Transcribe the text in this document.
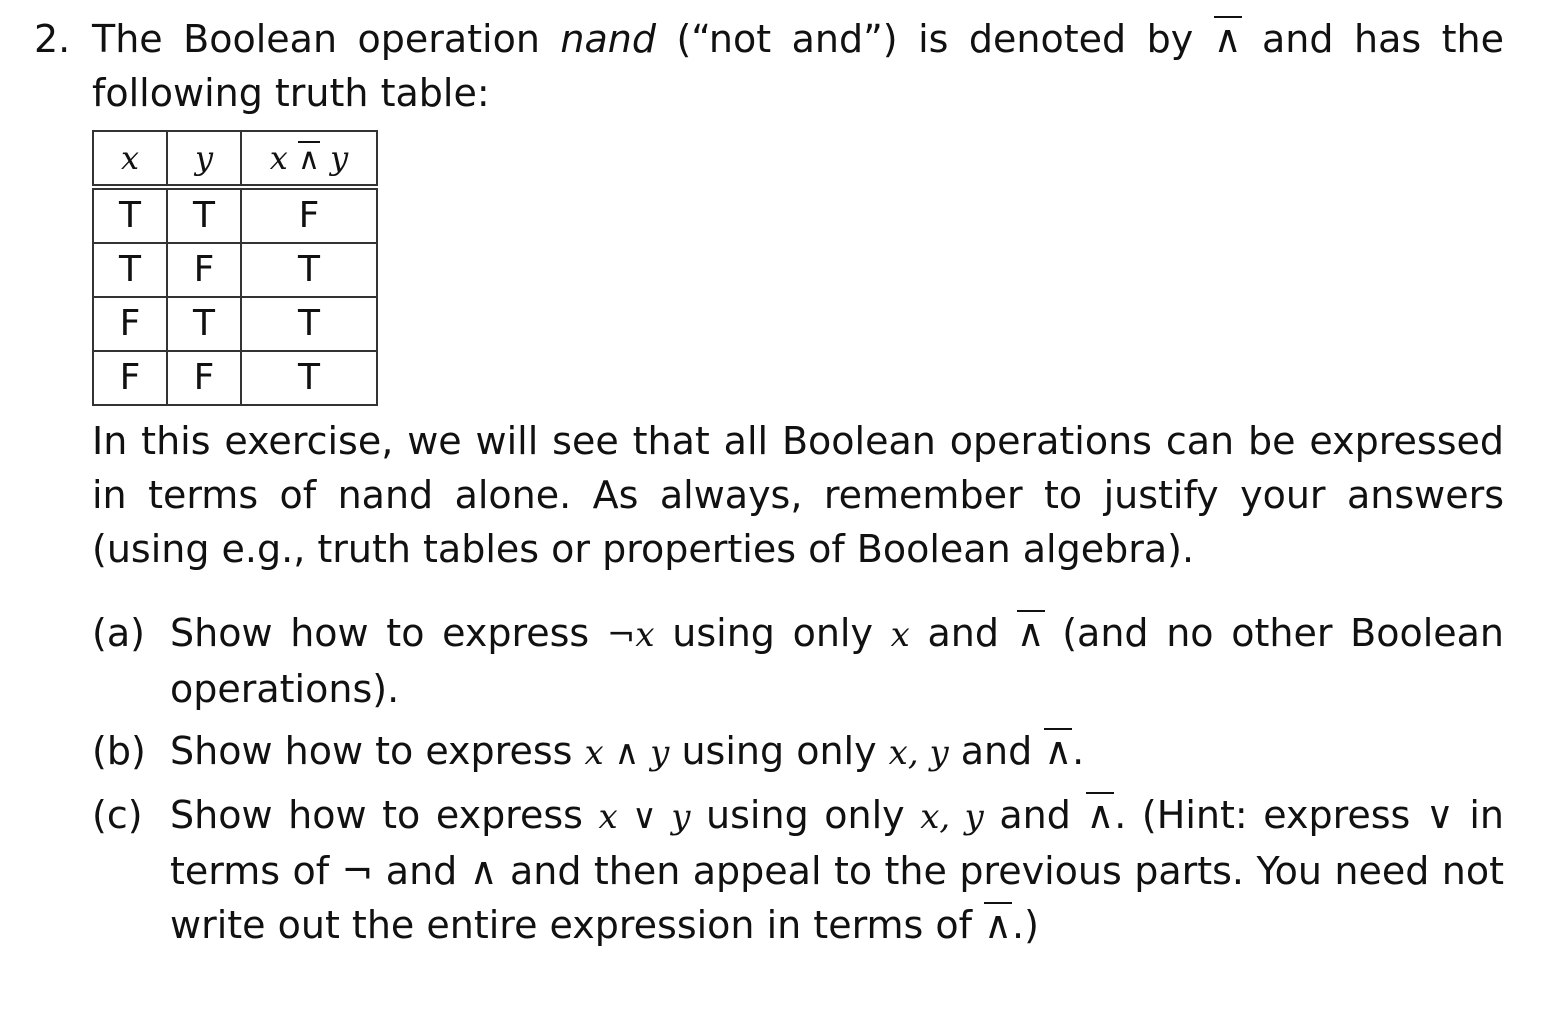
2. The Boolean operation nand (“not and”) is denoted by ∧ and has the following truth table:
x	y	x ∧ y
T	T	F
T	F	T
F	T	T
F	F	T
In this exercise, we will see that all Boolean operations can be expressed in terms of nand alone. As always, remember to justify your answers (using e.g., truth tables or properties of Boolean algebra).
(a) Show how to express ¬x using only x and ∧ (and no other Boolean operations).
(b) Show how to express x ∧ y using only x, y and ∧.
(c) Show how to express x ∨ y using only x, y and ∧. (Hint: express ∨ in terms of ¬ and ∧ and then appeal to the previous parts. You need not write out the entire expression in terms of ∧.)
